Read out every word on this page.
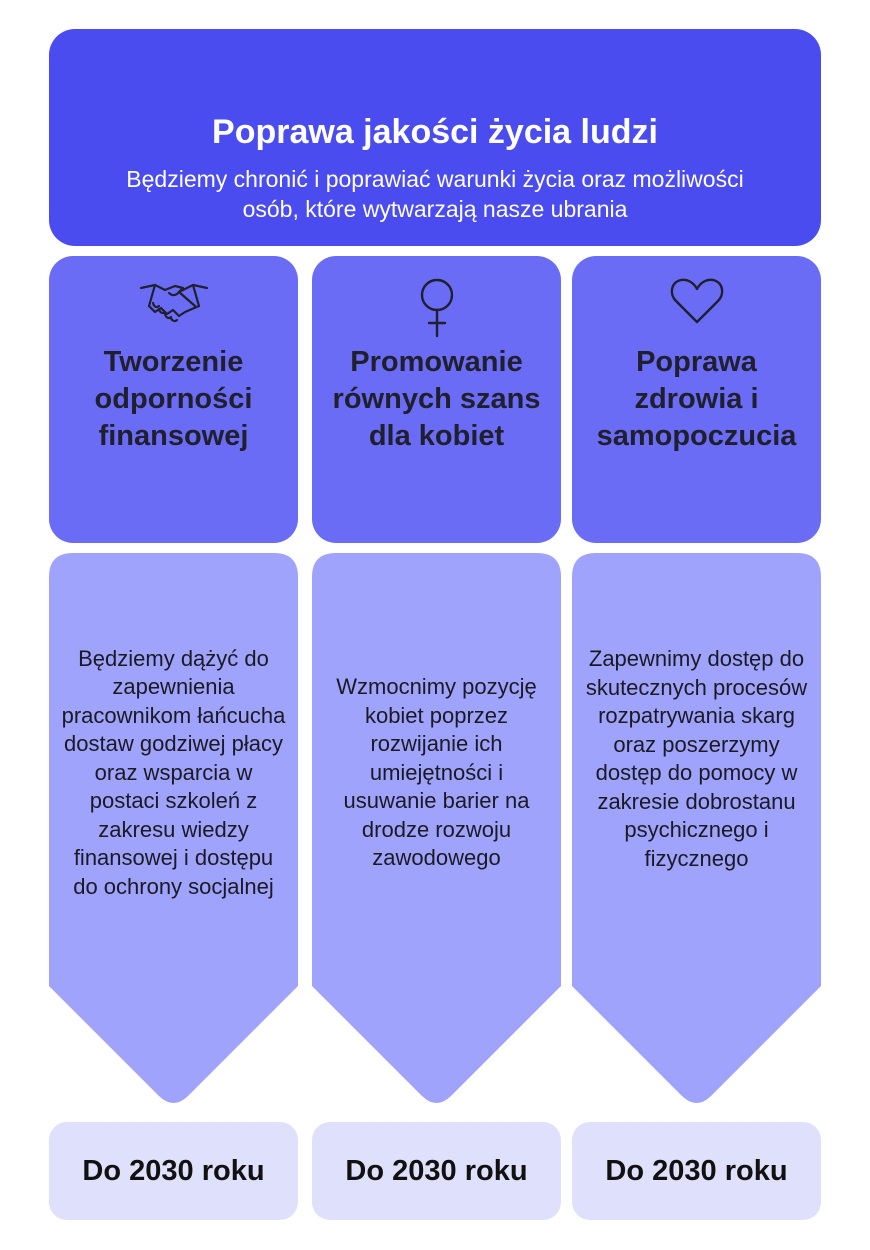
Poprawa jakości życia ludzi
Będziemy chronić i poprawiać warunki życia oraz możliwości osób, które wytwarzają nasze ubrania
Tworzenie odporności finansowej
Będziemy dążyć do zapewnienia pracownikom łańcucha dostaw godziwej płacy oraz wsparcia w postaci szkoleń z zakresu wiedzy finansowej i dostępu do ochrony socjalnej
Do 2030 roku
Promowanie równych szans dla kobiet
Wzmocnimy pozycję kobiet poprzez rozwijanie ich umiejętności i usuwanie barier na drodze rozwoju zawodowego
Do 2030 roku
Poprawa zdrowia i samopoczucia
Zapewnimy dostęp do skutecznych procesów rozpatrywania skarg oraz poszerzymy dostęp do pomocy w zakresie dobrostanu psychicznego i fizycznego
Do 2030 roku
